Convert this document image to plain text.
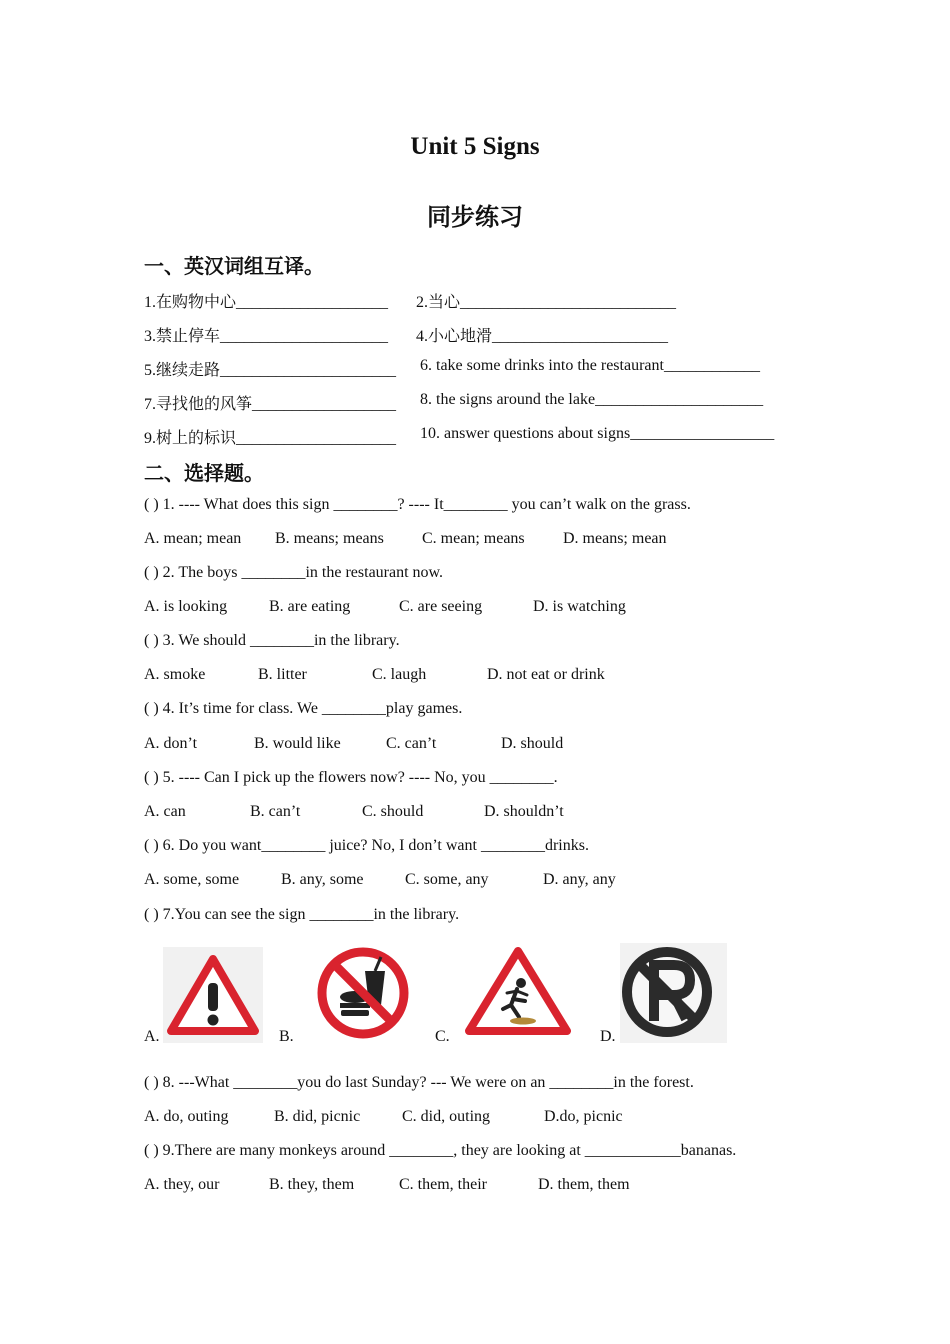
Unit 5 Signs
同步练习
一、英汉词组互译。
1.在购物中心___________________ 2.当心___________________________
3.禁止停车_____________________ 4.小心地滑______________________
5.继续走路______________________ 6. take some drinks into the restaurant____________
7.寻找他的风筝__________________ 8. the signs around the lake_____________________
9.树上的标识____________________ 10. answer questions about signs__________________
二、选择题。
( ) 1. ---- What does this sign ________? ---- It________ you can’t walk on the grass.
A. mean; mean B. means; means C. mean; means D. means; mean
( ) 2. The boys ________in the restaurant now.
A. is looking	B. are eating	C. are seeing	D. is watching
( ) 3. We should ________in the library.
A. smoke	B. litter	C. laugh	D. not eat or drink
( ) 4. It’s time for class. We ________play games.
A. don’t	B. would like	C. can’t	D. should
( ) 5. ---- Can I pick up the flowers now? ---- No, you ________.
A. can	B. can’t	C. should	D. shouldn’t
( ) 6. Do you want________ juice? No, I don’t want ________drinks.
A. some, some	B. any, some	C. some, any	D. any, any
( ) 7.You can see the sign ________in the library.
A.	B.	C.	D.
( ) 8. ---What ________you do last Sunday? --- We were on an ________in the forest.
A. do, outing	B. did, picnic	C. did, outing	D.do, picnic
( ) 9.There are many monkeys around ________, they are looking at ____________bananas.
A. they, our	B. they, them	C. them, their	D. them, them
